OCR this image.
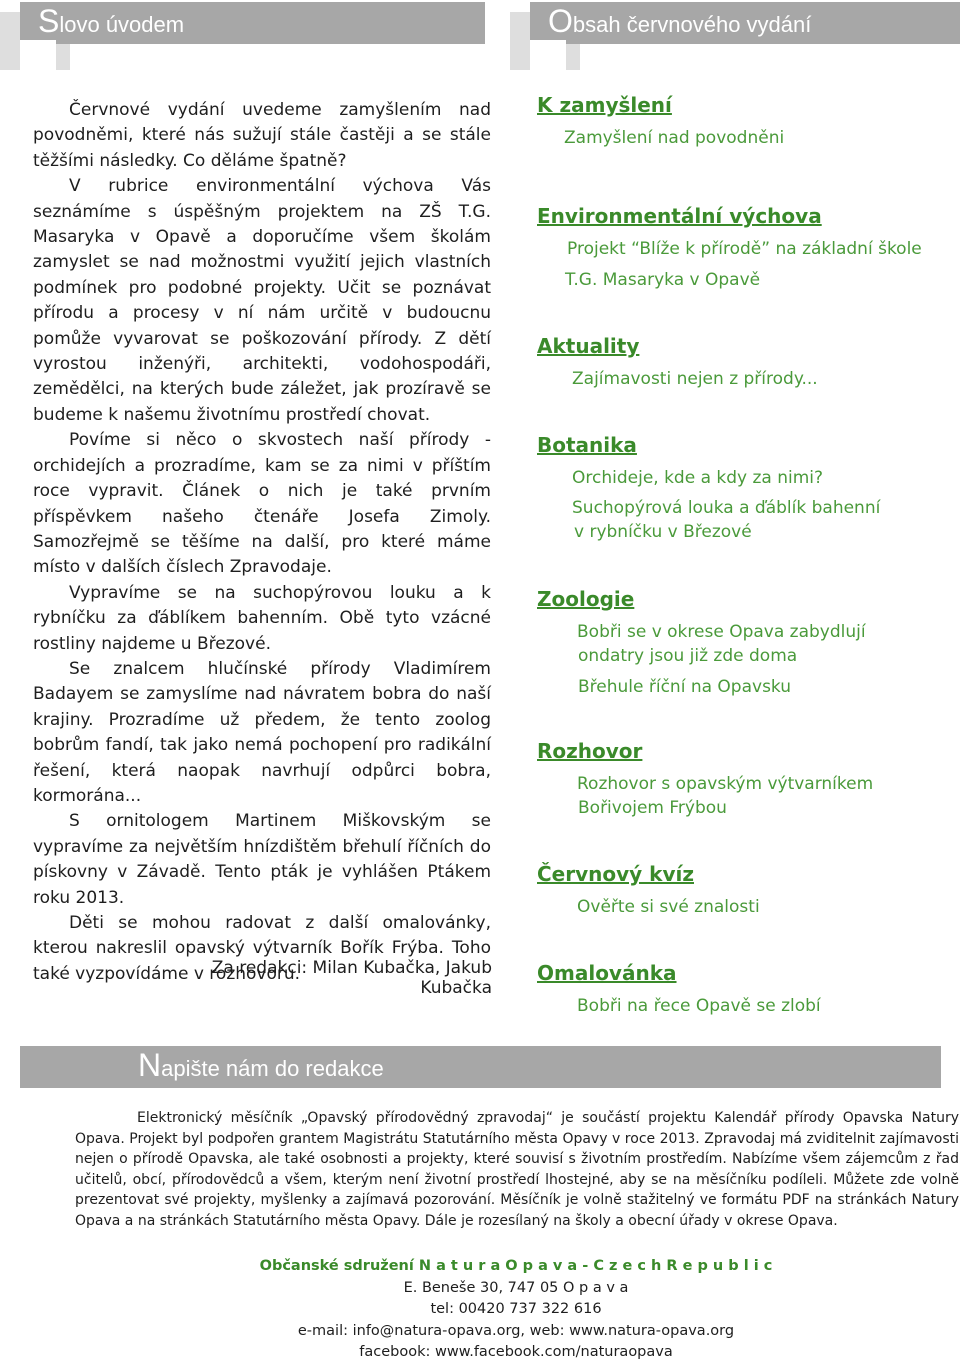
Slovo úvodem	Obsah červnového vydání

Červnové vydání uvedeme zamyšlením nad povodněmi, které nás sužují stále častěji a se stále těžšími následky. Co děláme špatně?

V rubrice environmentální výchova Vás seznámíme s úspěšným projektem na ZŠ T.G. Masaryka v Opavě a doporučíme všem školám zamyslet se nad možnostmi využití jejich vlastních podmínek pro podobné projekty. Učit se poznávat přírodu a procesy v ní nám určitě v budoucnu pomůže vyvarovat se poškozování přírody. Z dětí vyrostou inženýři, architekti, vodohospodáři, zemědělci, na kterých bude záležet, jak prozíravě se budeme k našemu životnímu prostředí chovat.

Povíme si něco o skvostech naší přírody - orchidejích a prozradíme, kam se za nimi v příštím roce vypravit. Článek o nich je také prvním příspěvkem našeho čtenáře Josefa Zimoly. Samozřejmě se těšíme na další, pro které máme místo v dalších číslech Zpravodaje.

Vypravíme se na suchopýrovou louku a k rybníčku za ďáblíkem bahenním. Obě tyto vzácné rostliny najdeme u Březové.

Se znalcem hlučínské přírody Vladimírem Badayem se zamyslíme nad návratem bobra do naší krajiny. Prozradíme už předem, že tento zoolog bobrům fandí, tak jako nemá pochopení pro radikální řešení, která naopak navrhují odpůrci bobra, kormorána...

S ornitologem Martinem Miškovským se vypravíme za největším hnízdištěm břehulí říčních do pískovny v Závadě. Tento pták je vyhlášen Ptákem roku 2013.

Děti se mohou radovat z další omalovánky, kterou nakreslil opavský výtvarník Bořík Frýba. Toho také vyzpovídáme v rozhovoru.

Za redakci: Milan Kubačka, Jakub Kubačka
K zamyšlení
Zamyšlení nad povodněni
Environmentální výchova
Projekt “Blíže k přírodě” na základní škole
T.G. Masaryka v Opavě
Aktuality
Zajímavosti nejen z přírody...
Botanika
Orchideje, kde a kdy za nimi?
Suchopýrová louka a ďáblík bahenní
v rybníčku v Březové
Zoologie
Bobři se v okrese Opava zabydlují
ondatry jsou již zde doma
Břehule říční na Opavsku
Rozhovor
Rozhovor s opavským výtvarníkem
Bořivojem Frýbou
Červnový kvíz
Ověřte si své znalosti
Omalovánka
Bobři na řece Opavě se zlobí
Napište nám do redakce

Elektronický měsíčník „Opavský přírodovědný zpravodaj“ je součástí projektu Kalendář přírody Opavska Natury Opava. Projekt byl podpořen grantem Magistrátu Statutárního města Opavy v roce 2013. Zpravodaj má zviditelnit zajímavosti nejen o přírodě Opavska, ale také osobnosti a projekty, které souvisí s životním prostředím. Nabízíme všem zájemcům z řad učitelů, obcí, přírodovědců a všem, kterým není životní prostředí lhostejné, aby se na měsíčníku podíleli. Můžete zde volně prezentovat své projekty, myšlenky a zajímavá pozorování. Měsíčník je volně stažitelný ve formátu PDF na stránkách Natury Opava a na stránkách Statutárního města Opavy. Dále je rozesílaný na školy a obecní úřady v okrese Opava.

Občanské sdružení N a t u r a O p a v a - C z e c h R e p u b l i c
E. Beneše 30, 747 05 O p a v a
tel: 00420 737 322 616
e-mail: info@natura-opava.org, web: www.natura-opava.org
facebook: www.facebook.com/naturaopava
